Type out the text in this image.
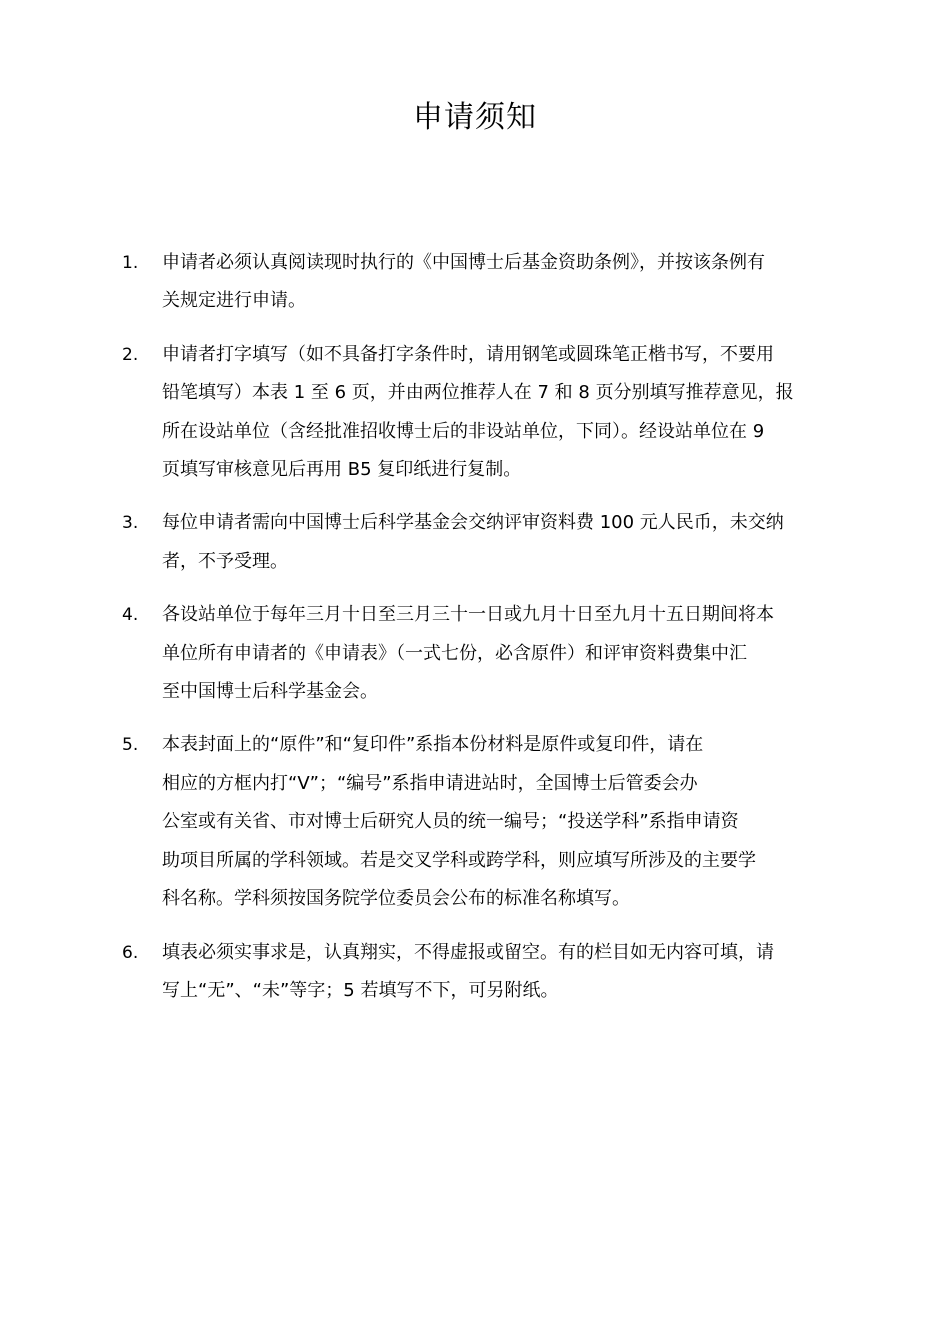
申请须知
1.	申请者必须认真阅读现时执行的《中国博士后基金资助条例》，并按该条例有
关规定进行申请。
2.	申请者打字填写（如不具备打字条件时，请用钢笔或圆珠笔正楷书写，不要用
铅笔填写）本表 1 至 6 页，并由两位推荐人在 7 和 8 页分别填写推荐意见，报
所在设站单位（含经批准招收博士后的非设站单位，下同）。经设站单位在 9
页填写审核意见后再用 B5 复印纸进行复制。
3.	每位申请者需向中国博士后科学基金会交纳评审资料费 100 元人民币，未交纳
者，不予受理。
4.	各设站单位于每年三月十日至三月三十一日或九月十日至九月十五日期间将本
单位所有申请者的《申请表》（一式七份，必含原件）和评审资料费集中汇
至中国博士后科学基金会。
5.	本表封面上的“原件”和“复印件”系指本份材料是原件或复印件，请在
相应的方框内打“V”；“编号”系指申请进站时，全国博士后管委会办
公室或有关省、市对博士后研究人员的统一编号；“投送学科”系指申请资
助项目所属的学科领域。若是交叉学科或跨学科，则应填写所涉及的主要学
科名称。学科须按国务院学位委员会公布的标准名称填写。
6.	填表必须实事求是，认真翔实，不得虚报或留空。有的栏目如无内容可填，请
写上“无”、“未”等字；5 若填写不下，可另附纸。
